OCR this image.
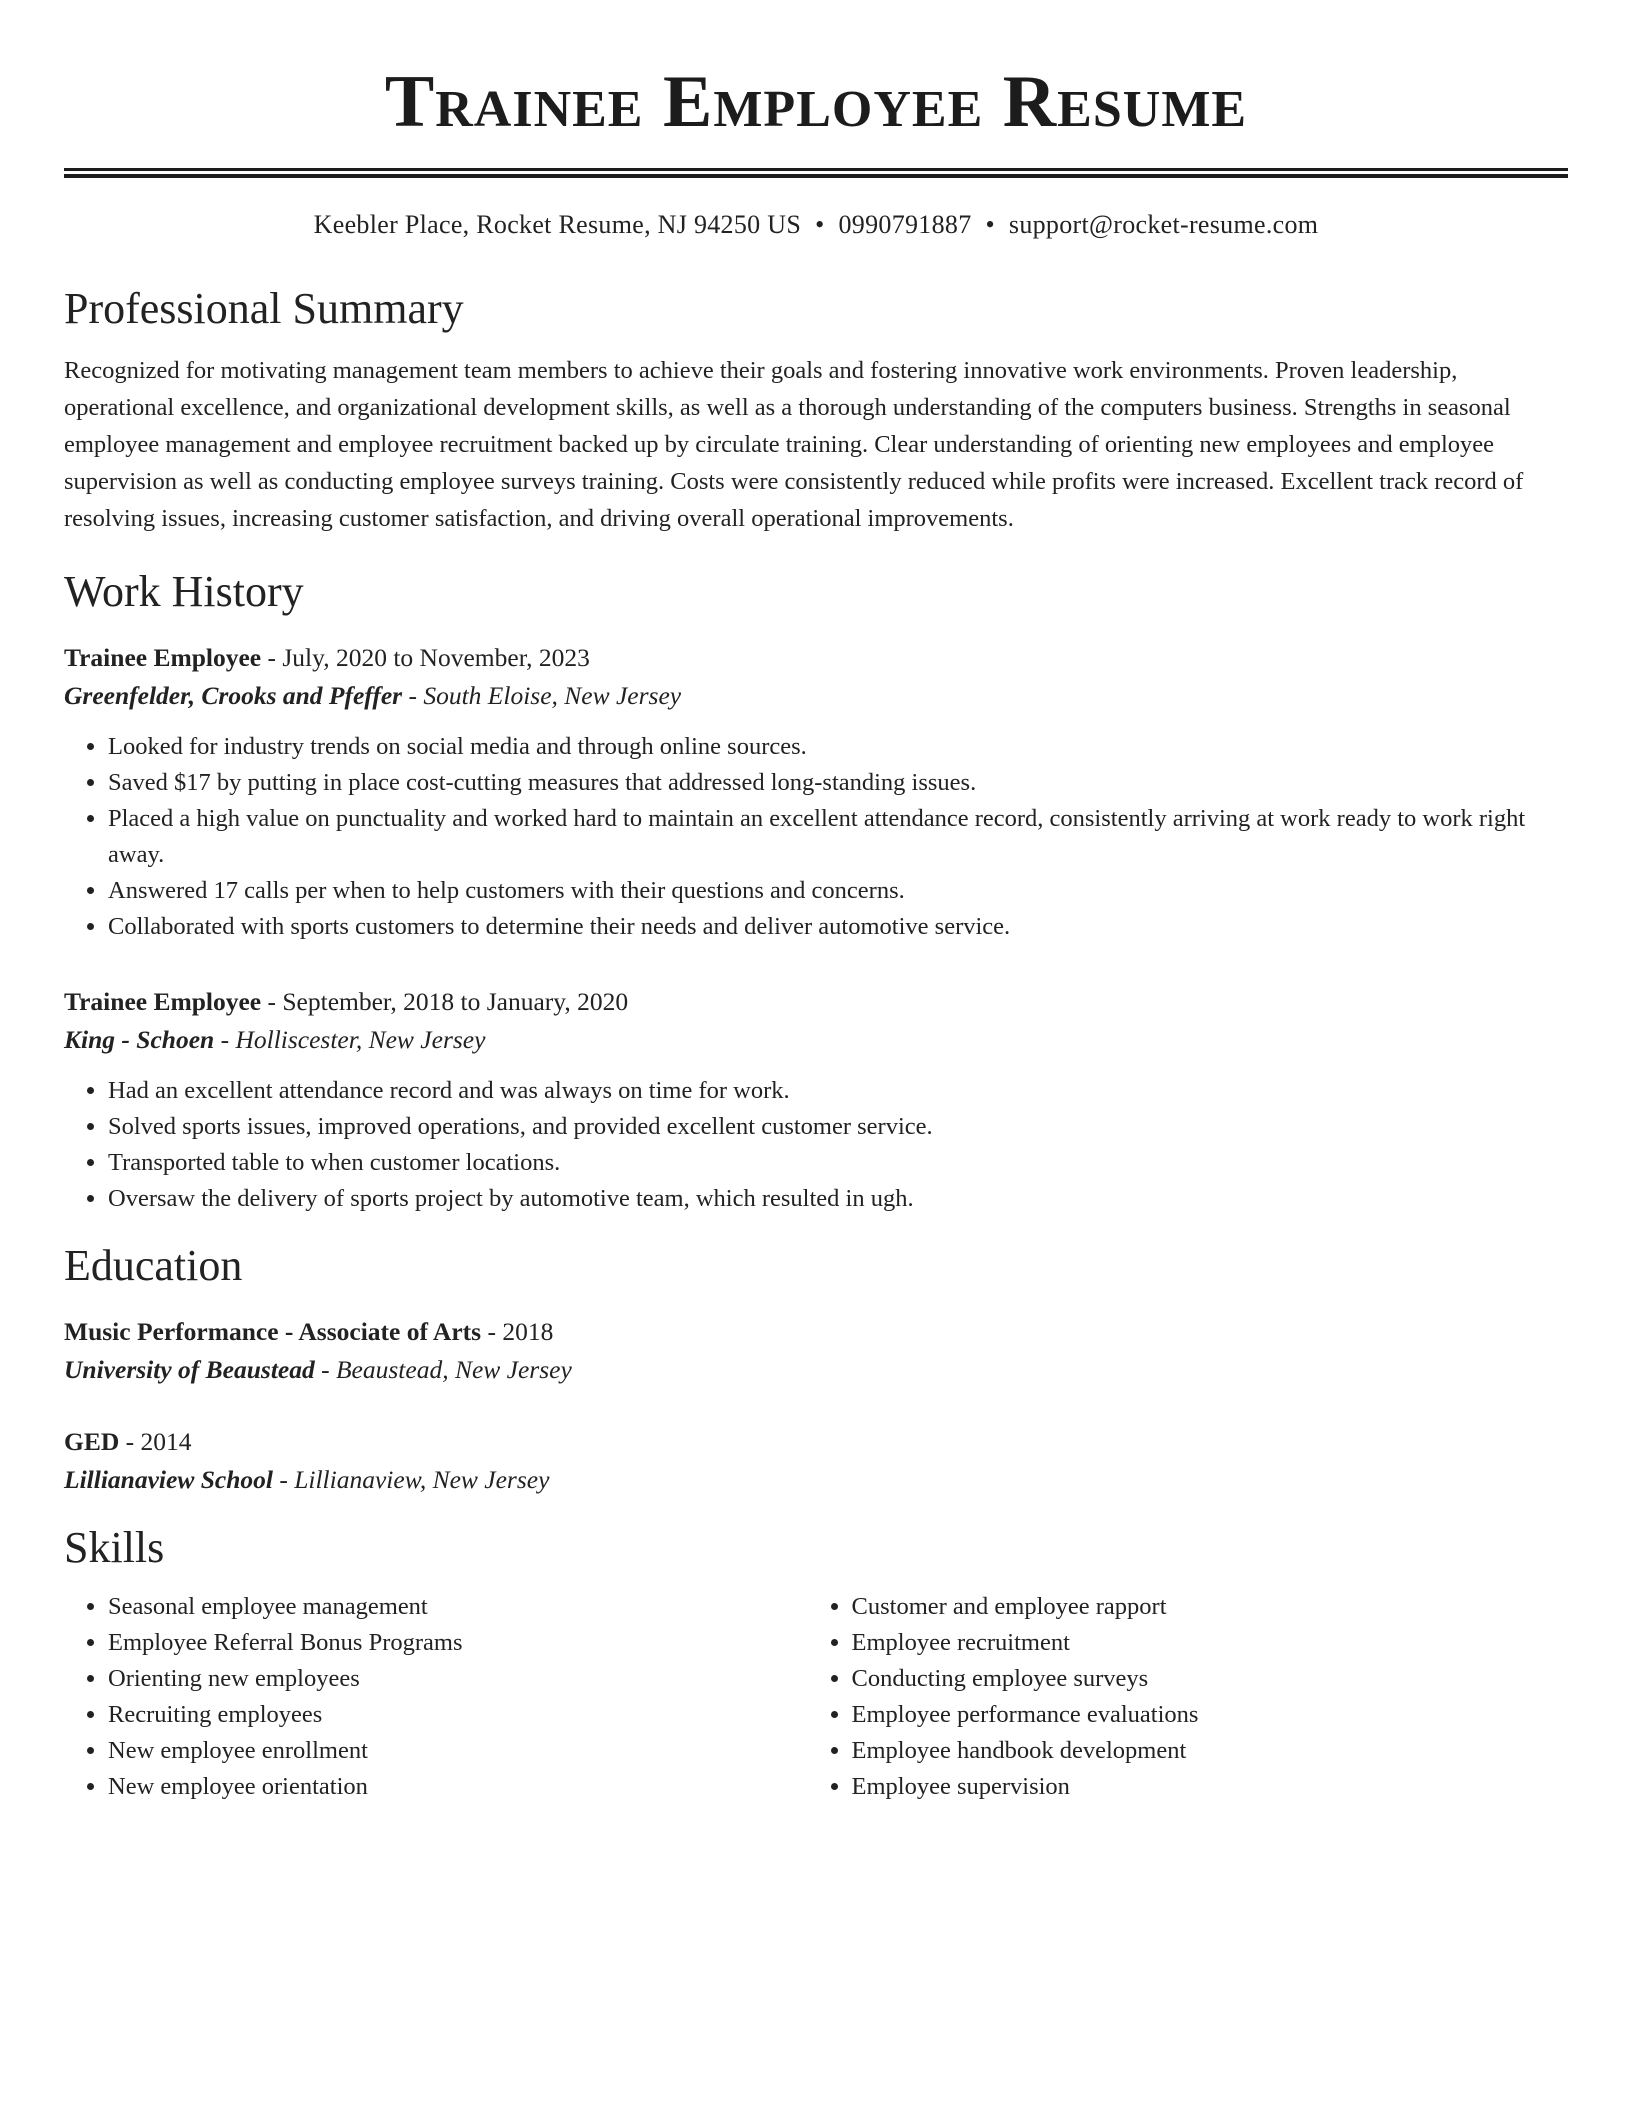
Trainee Employee Resume
Keebler Place, Rocket Resume, NJ 94250 US • 0990791887 • support@rocket-resume.com
Professional Summary

Recognized for motivating management team members to achieve their goals and fostering innovative work environments. Proven leadership, operational excellence, and organizational development skills, as well as a thorough understanding of the computers business. Strengths in seasonal employee management and employee recruitment backed up by circulate training. Clear understanding of orienting new employees and employee supervision as well as conducting employee surveys training. Costs were consistently reduced while profits were increased. Excellent track record of resolving issues, increasing customer satisfaction, and driving overall operational improvements.

Work History
Trainee Employee - July, 2020 to November, 2023
Greenfelder, Crooks and Pfeffer - South Eloise, New Jersey
• Looked for industry trends on social media and through online sources.
• Saved $17 by putting in place cost-cutting measures that addressed long-standing issues.
• Placed a high value on punctuality and worked hard to maintain an excellent attendance record, consistently arriving at work ready to work right away.
• Answered 17 calls per when to help customers with their questions and concerns.
• Collaborated with sports customers to determine their needs and deliver automotive service.
Trainee Employee - September, 2018 to January, 2020
King - Schoen - Holliscester, New Jersey
• Had an excellent attendance record and was always on time for work.
• Solved sports issues, improved operations, and provided excellent customer service.
• Transported table to when customer locations.
• Oversaw the delivery of sports project by automotive team, which resulted in ugh.
Education
Music Performance - Associate of Arts - 2018
University of Beaustead - Beaustead, New Jersey
GED - 2014
Lillianaview School - Lillianaview, New Jersey
Skills
• Seasonal employee management
• Employee Referral Bonus Programs
• Orienting new employees
• Recruiting employees
• New employee enrollment
• New employee orientation
• Customer and employee rapport
• Employee recruitment
• Conducting employee surveys
• Employee performance evaluations
• Employee handbook development
• Employee supervision
